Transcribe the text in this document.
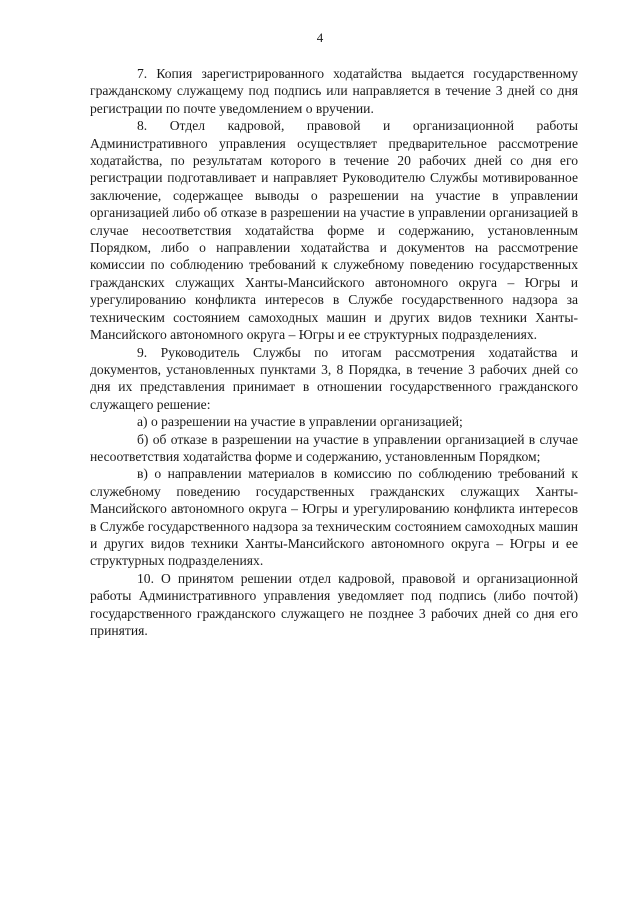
4

7. Копия зарегистрированного ходатайства выдается государственному гражданскому служащему под подпись или направляется в течение 3 дней со дня регистрации по почте уведомлением о вручении.

8. Отдел кадровой, правовой и организационной работы Административного управления осуществляет предварительное рассмотрение ходатайства, по результатам которого в течение 20 рабочих дней со дня его регистрации подготавливает и направляет Руководителю Службы мотивированное заключение, содержащее выводы о разрешении на участие в управлении организацией либо об отказе в разрешении на участие в управлении организацией в случае несоответствия ходатайства форме и содержанию, установленным Порядком, либо о направлении ходатайства и документов на рассмотрение комиссии по соблюдению требований к служебному поведению государственных гражданских служащих Ханты-Мансийского автономного округа – Югры и урегулированию конфликта интересов в Службе государственного надзора за техническим состоянием самоходных машин и других видов техники Ханты-Мансийского автономного округа – Югры и ее структурных подразделениях.

9. Руководитель Службы по итогам рассмотрения ходатайства и документов, установленных пунктами 3, 8 Порядка, в течение 3 рабочих дней со дня их представления принимает в отношении государственного гражданского служащего решение:

а) о разрешении на участие в управлении организацией;

б) об отказе в разрешении на участие в управлении организацией в случае несоответствия ходатайства форме и содержанию, установленным Порядком;

в) о направлении материалов в комиссию по соблюдению требований к служебному поведению государственных гражданских служащих Ханты-Мансийского автономного округа – Югры и урегулированию конфликта интересов в Службе государственного надзора за техническим состоянием самоходных машин и других видов техники Ханты-Мансийского автономного округа – Югры и ее структурных подразделениях.

10. О принятом решении отдел кадровой, правовой и организационной работы Административного управления уведомляет под подпись (либо почтой) государственного гражданского служащего не позднее 3 рабочих дней со дня его принятия.
